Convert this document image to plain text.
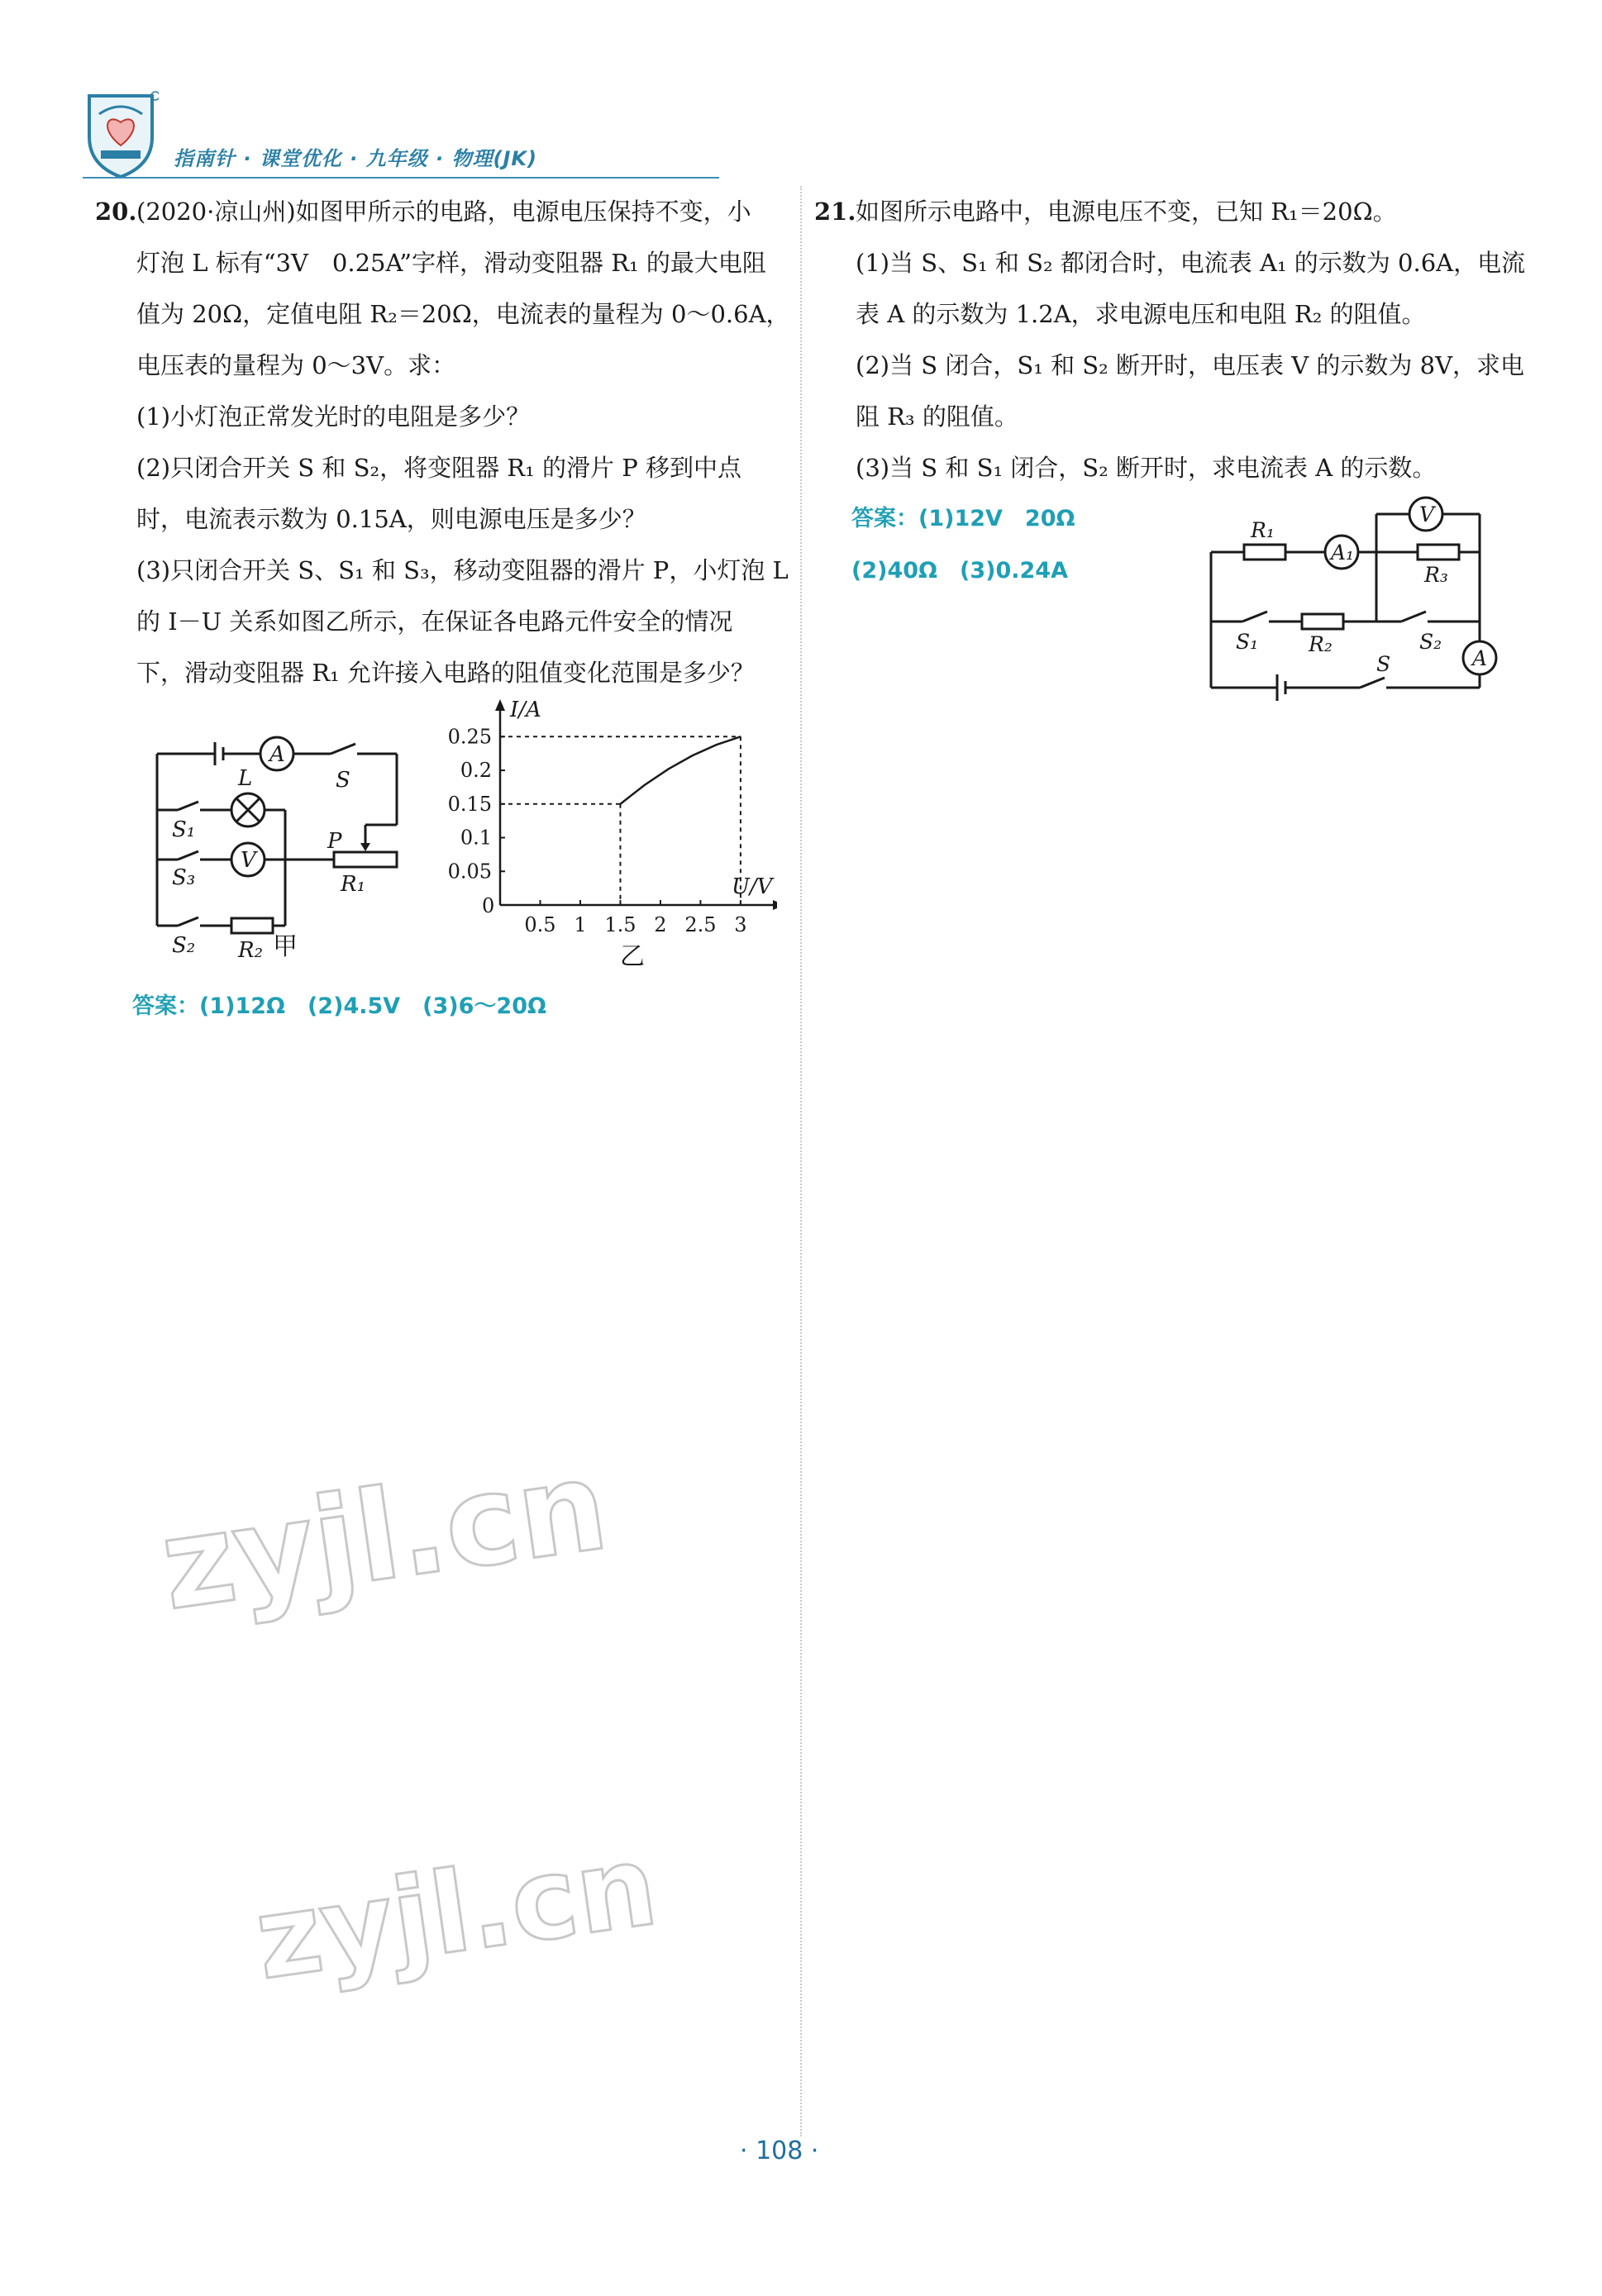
指南针 · 课堂优化 · 九年级 · 物理(JK)
20. (2020·凉山州)如图甲所示的电路，电源电压保持不变，小
灯泡 L 标有“3V　0.25A”字样，滑动变阻器 R₁ 的最大电阻
值为 20Ω，定值电阻 R₂＝20Ω，电流表的量程为 0～0.6A，
电压表的量程为 0～3V。求：
(1)小灯泡正常发光时的电阻是多少？
(2)只闭合开关 S 和 S₂，将变阻器 R₁ 的滑片 P 移到中点
时，电流表示数为 0.15A，则电源电压是多少？
(3)只闭合开关 S、S₁ 和 S₃，移动变阻器的滑片 P，小灯泡 L
的 I－U 关系如图乙所示，在保证各电路元件安全的情况
下，滑动变阻器 R₁ 允许接入电路的阻值变化范围是多少？
A
S
L
S₁
V
P
S₃	R₁
S₂ R₂ 甲
I/A
U/V
0
0.5 1 1.5 2 2.5 3
0.05
0.1
0.15
0.2
0.25
乙
答案：(1)12Ω　(2)4.5V　(3)6～20Ω
21. 如图所示电路中，电源电压不变，已知 R₁＝20Ω。
(1)当 S、S₁ 和 S₂ 都闭合时，电流表 A₁ 的示数为 0.6A，电流
表 A 的示数为 1.2A，求电源电压和电阻 R₂ 的阻值。
(2)当 S 闭合，S₁ 和 S₂ 断开时，电压表 V 的示数为 8V，求电
阻 R₃ 的阻值。
(3)当 S 和 S₁ 闭合，S₂ 断开时，求电流表 A 的示数。
答案：(1)12V　20Ω
(2)40Ω　(3)0.24A
R₁
A₁
V
R₃
S₁ R₂	S₂
A
S
zyjl.cn
zyjl.cn
· 108 ·
